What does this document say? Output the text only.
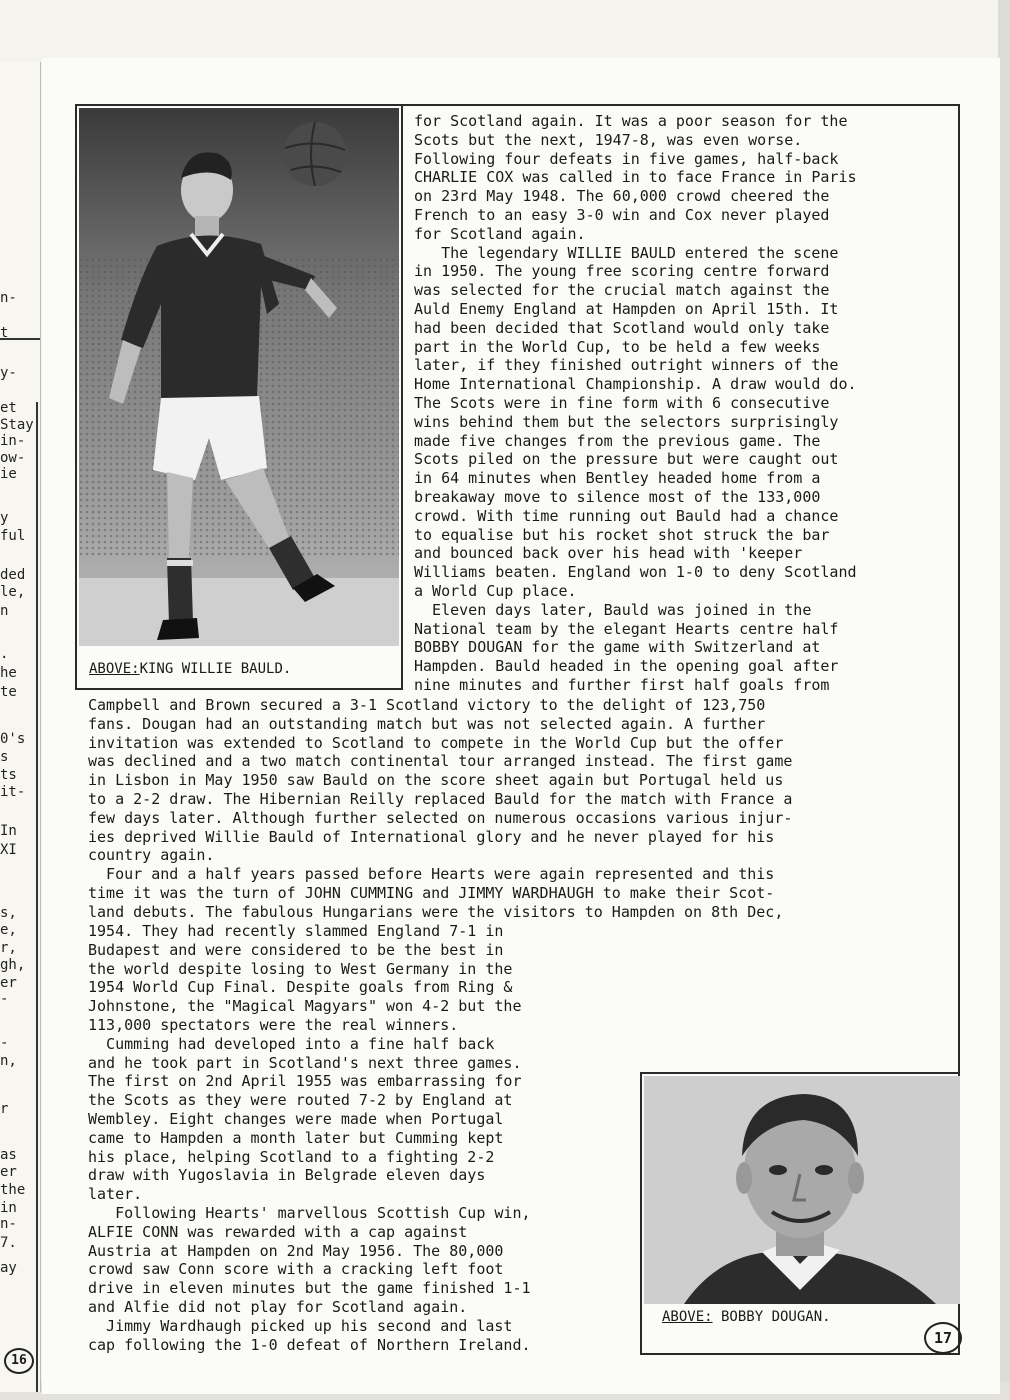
n-
t
y-
et
Stay
in-
ow-
ie
y
ful
ded
le,
n
.
he
te
0's
s
ts
it-
In
XI
s,
e,
r,
gh,
er
-
-
n,
r
as
er
the
in
n-
7.
ay
16
ABOVE:KING WILLIE BAULD.
ABOVE: BOBBY DOUGAN.

for Scotland again. It was a poor season for the

Scots but the next, 1947-8, was even worse.

Following four defeats in five games, half-back

CHARLIE COX was called in to face France in Paris

on 23rd May 1948. The 60,000 crowd cheered the

French to an easy 3-0 win and Cox never played

for Scotland again.

The legendary WILLIE BAULD entered the scene

in 1950. The young free scoring centre forward

was selected for the crucial match against the

Auld Enemy England at Hampden on April 15th. It

had been decided that Scotland would only take

part in the World Cup, to be held a few weeks

later, if they finished outright winners of the

Home International Championship. A draw would do.

The Scots were in fine form with 6 consecutive

wins behind them but the selectors surprisingly

made five changes from the previous game. The

Scots piled on the pressure but were caught out

in 64 minutes when Bentley headed home from a

breakaway move to silence most of the 133,000

crowd. With time running out Bauld had a chance

to equalise but his rocket shot struck the bar

and bounced back over his head with 'keeper

Williams beaten. England won 1-0 to deny Scotland

a World Cup place.

Eleven days later, Bauld was joined in the

National team by the elegant Hearts centre half

BOBBY DOUGAN for the game with Switzerland at

Hampden. Bauld headed in the opening goal after

nine minutes and further first half goals from

Campbell and Brown secured a 3-1 Scotland victory to the delight of 123,750

fans. Dougan had an outstanding match but was not selected again. A further

invitation was extended to Scotland to compete in the World Cup but the offer

was declined and a two match continental tour arranged instead. The first game

in Lisbon in May 1950 saw Bauld on the score sheet again but Portugal held us

to a 2-2 draw. The Hibernian Reilly replaced Bauld for the match with France a

few days later. Although further selected on numerous occasions various injur-

ies deprived Willie Bauld of International glory and he never played for his

country again.

Four and a half years passed before Hearts were again represented and this

time it was the turn of JOHN CUMMING and JIMMY WARDHAUGH to make their Scot-

land debuts. The fabulous Hungarians were the visitors to Hampden on 8th Dec,

1954. They had recently slammed England 7-1 in

Budapest and were considered to be the best in

the world despite losing to West Germany in the

1954 World Cup Final. Despite goals from Ring &

Johnstone, the "Magical Magyars" won 4-2 but the

113,000 spectators were the real winners.

Cumming had developed into a fine half back

and he took part in Scotland's next three games.

The first on 2nd April 1955 was embarrassing for

the Scots as they were routed 7-2 by England at

Wembley. Eight changes were made when Portugal

came to Hampden a month later but Cumming kept

his place, helping Scotland to a fighting 2-2

draw with Yugoslavia in Belgrade eleven days

later.

Following Hearts' marvellous Scottish Cup win,

ALFIE CONN was rewarded with a cap against

Austria at Hampden on 2nd May 1956. The 80,000

crowd saw Conn score with a cracking left foot

drive in eleven minutes but the game finished 1-1

and Alfie did not play for Scotland again.

Jimmy Wardhaugh picked up his second and last

cap following the 1-0 defeat of Northern Ireland.	17
